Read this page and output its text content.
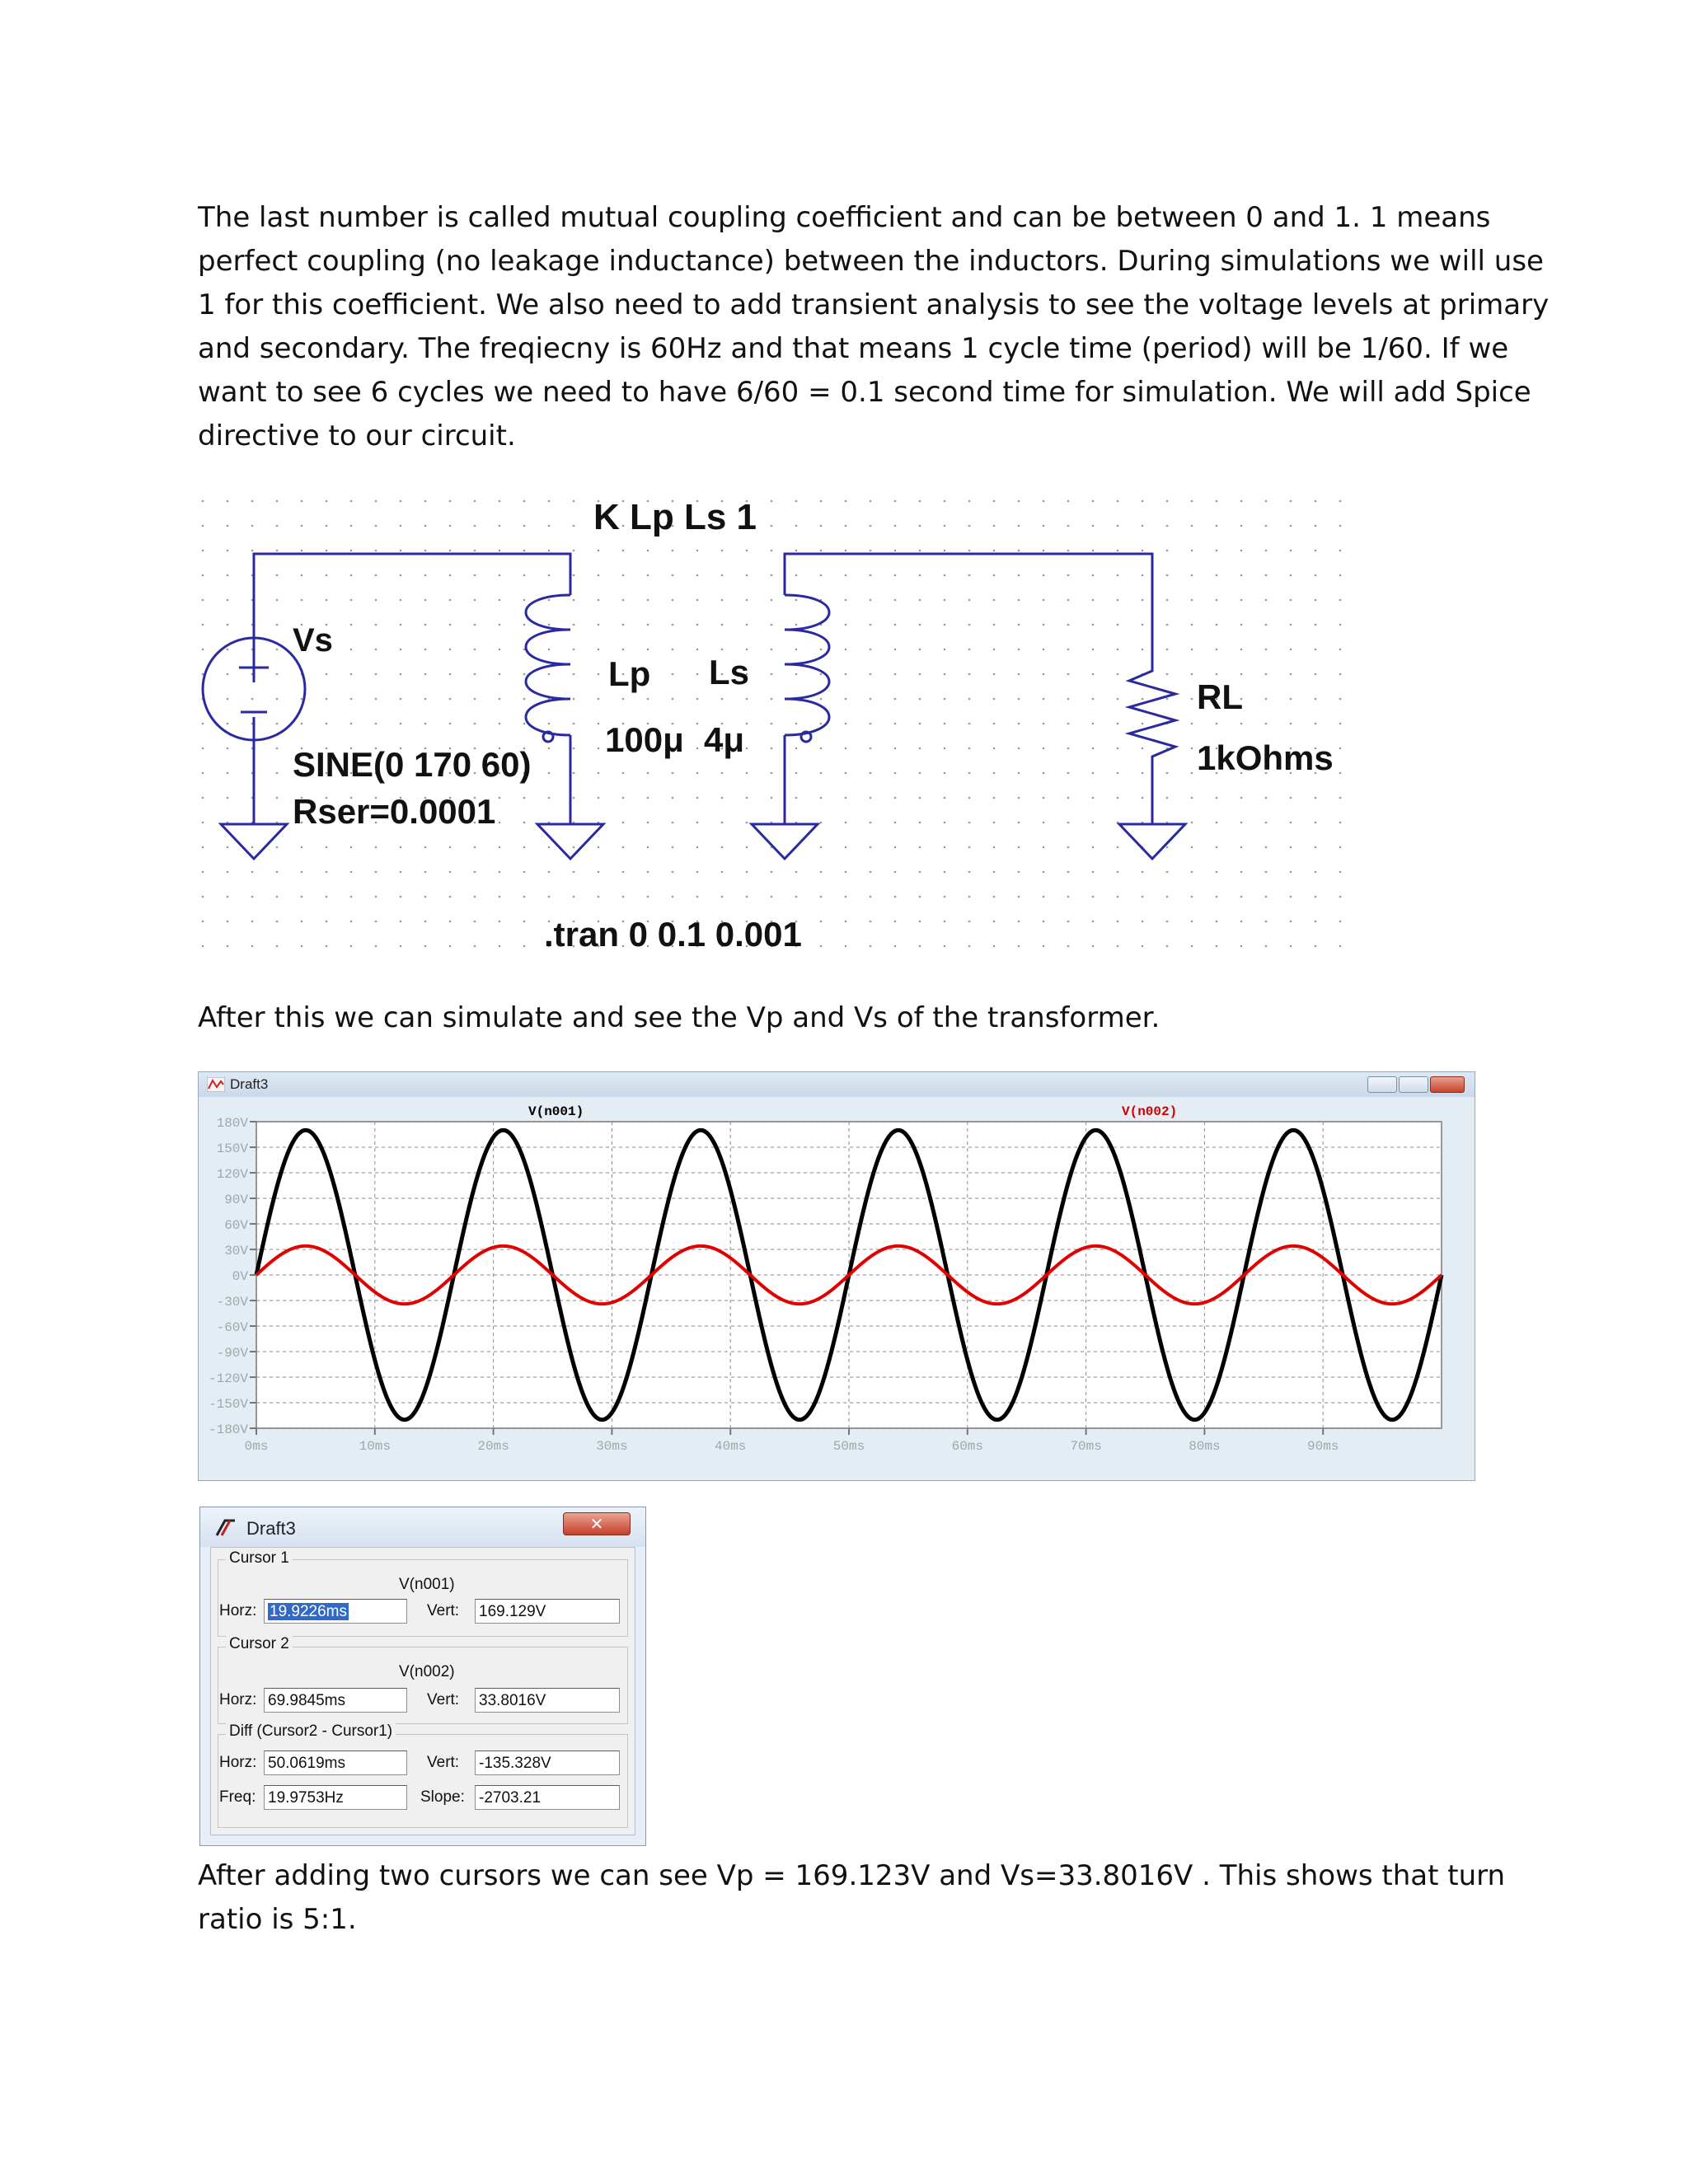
The last number is called mutual coupling coefficient and can be between 0 and 1. 1 means
perfect coupling (no leakage inductance) between the inductors. During simulations we will use
1 for this coefficient. We also need to add transient analysis to see the voltage levels at primary
and secondary. The freqiecny is 60Hz and that means 1 cycle time (period) will be 1/60. If we
want to see 6 cycles we need to have 6/60 = 0.1 second time for simulation. We will add Spice
directive to our circuit.
K Lp Ls 1
Vs
SINE(0 170 60)
Rser=0.0001
Lp
100μ
Ls
4μ
RL
1kOhms
.tran 0 0.1 0.001
After this we can simulate and see the Vp and Vs of the transformer.
Draft3
180V
150V
120V
90V
60V
30V
0V
-30V
-60V
-90V
-120V
-150V
-180V
0ms	10ms	20ms	30ms	40ms	50ms	60ms	70ms	80ms	90ms
V(n001)	V(n002)
Draft3	✕
Cursor 1
V(n001)
Horz: 19.9226ms	Vert: 169.129V
Cursor 2
V(n002)
Horz: 69.9845ms	Vert: 33.8016V
Diff (Cursor2 - Cursor1)
Horz: 50.0619ms	Vert: -135.328V
Freq: 19.9753Hz	Slope: -2703.21
After adding two cursors we can see Vp = 169.123V and Vs=33.8016V . This shows that turn
ratio is 5:1.
